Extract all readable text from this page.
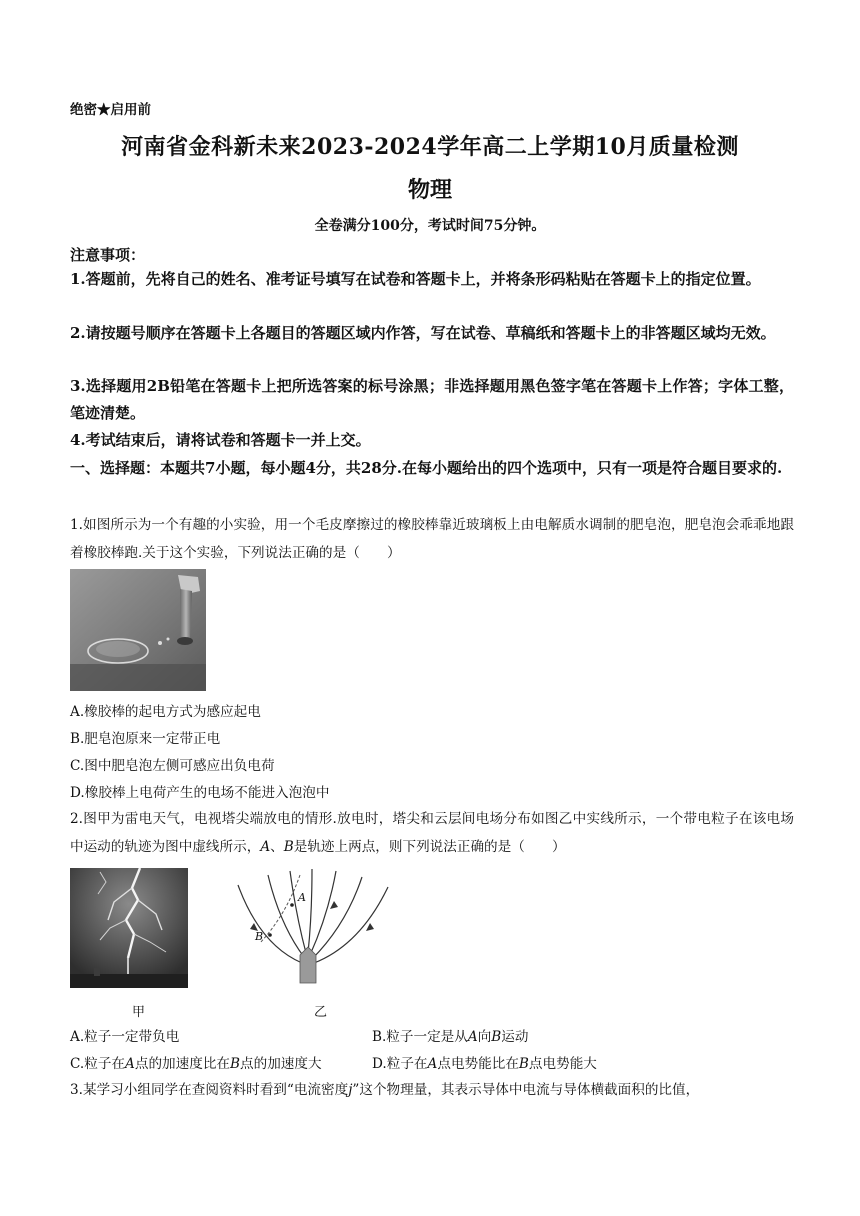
绝密★启用前

河南省金科新未来2023-2024学年高二上学期10月质量检测

物理

全卷满分100分，考试时间75分钟。

注意事项：

1.答题前，先将自己的姓名、准考证号填写在试卷和答题卡上，并将条形码粘贴在答题卡上的指定位置。

2.请按题号顺序在答题卡上各题目的答题区域内作答，写在试卷、草稿纸和答题卡上的非答题区域均无效。

3.选择题用2B铅笔在答题卡上把所选答案的标号涂黑；非选择题用黑色签字笔在答题卡上作答；字体工整，笔迹清楚。

4.考试结束后，请将试卷和答题卡一并上交。

一、选择题：本题共7小题，每小题4分，共28分.在每小题给出的四个选项中，只有一项是符合题目要求的.

1.如图所示为一个有趣的小实验，用一个毛皮摩擦过的橡胶棒靠近玻璃板上由电解质水调制的肥皂泡，肥皂泡会乖乖地跟着橡胶棒跑.关于这个实验，下列说法正确的是（　　）

A.橡胶棒的起电方式为感应起电

B.肥皂泡原来一定带正电

C.图中肥皂泡左侧可感应出负电荷

D.橡胶棒上电荷产生的电场不能进入泡泡中

2.图甲为雷电天气，电视塔尖端放电的情形.放电时，塔尖和云层间电场分布如图乙中实线所示，一个带电粒子在该电场中运动的轨迹为图中虚线所示，A、B是轨迹上两点，则下列说法正确的是（　　）

A
B
甲	乙

A.粒子一定带负电	B.粒子一定是从A向B运动

C.粒子在A点的加速度比在B点的加速度大	D.粒子在A点电势能比在B点电势能大

3.某学习小组同学在查阅资料时看到“电流密度j”这个物理量，其表示导体中电流与导体横截面积的比值，
